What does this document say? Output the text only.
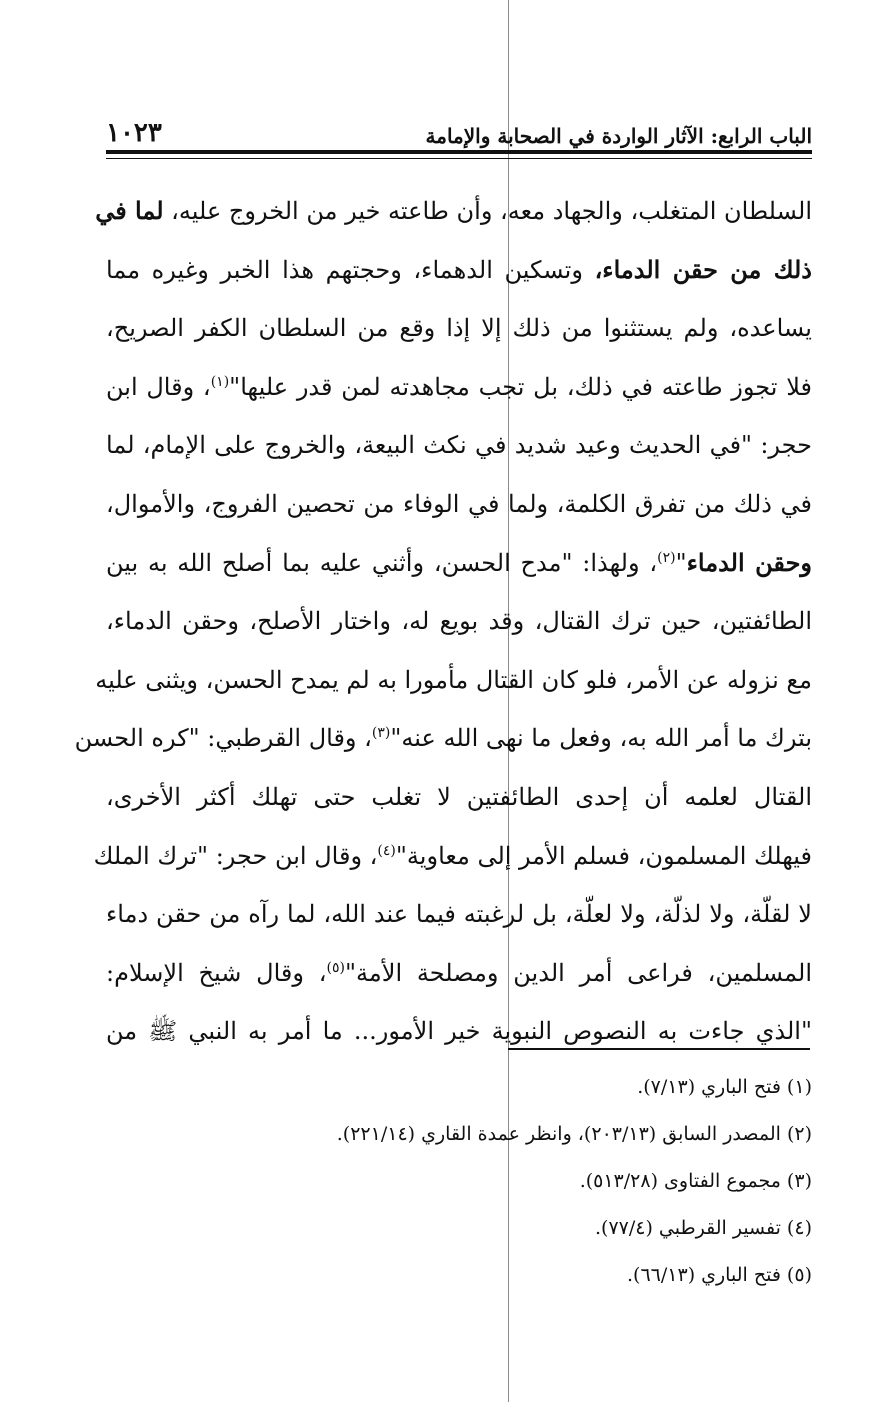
الباب الرابع: الآثار الواردة في الصحابة والإمامة
١٠٢٣
السلطان المتغلب، والجهاد معه، وأن طاعته خير من الخروج عليه، لما في
ذلك من حقن الدماء، وتسكين الدهماء، وحجتهم هذا الخبر وغيره مما
يساعده، ولم يستثنوا من ذلك إلا إذا وقع من السلطان الكفر الصريح،
فلا تجوز طاعته في ذلك، بل تجب مجاهدته لمن قدر عليها"$^{(١)}$، وقال ابن
حجر: "في الحديث وعيد شديد في نكث البيعة، والخروج على الإمام، لما
في ذلك من تفرق الكلمة، ولما في الوفاء من تحصين الفروج، والأموال،
وحقن الدماء"$^{(٢)}$، ولهذا: "مدح الحسن، وأثني عليه بما أصلح الله به بين
الطائفتين، حين ترك القتال، وقد بويع له، واختار الأصلح، وحقن الدماء،
مع نزوله عن الأمر، فلو كان القتال مأمورا به لم يمدح الحسن، ويثنى عليه
بترك ما أمر الله به، وفعل ما نهى الله عنه"$^{(٣)}$، وقال القرطبي: "كره الحسن
القتال لعلمه أن إحدى الطائفتين لا تغلب حتى تهلك أكثر الأخرى،
فيهلك المسلمون، فسلم الأمر إلى معاوية"$^{(٤)}$، وقال ابن حجر: "ترك الملك
لا لقلّة، ولا لذلّة، ولا لعلّة، بل لرغبته فيما عند الله، لما رآه من حقن دماء
المسلمين، فراعى أمر الدين ومصلحة الأمة"$^{(٥)}$، وقال شيخ الإسلام:
"الذي جاءت به النصوص النبوية خير الأمور... ما أمر به النبي ﷺ من
(١) فتح الباري (٧/١٣).
(٢) المصدر السابق (٢٠٣/١٣)، وانظر عمدة القاري (٢٢١/١٤).
(٣) مجموع الفتاوى (٥١٣/٢٨).
(٤) تفسير القرطبي (٧٧/٤).
(٥) فتح الباري (٦٦/١٣).
